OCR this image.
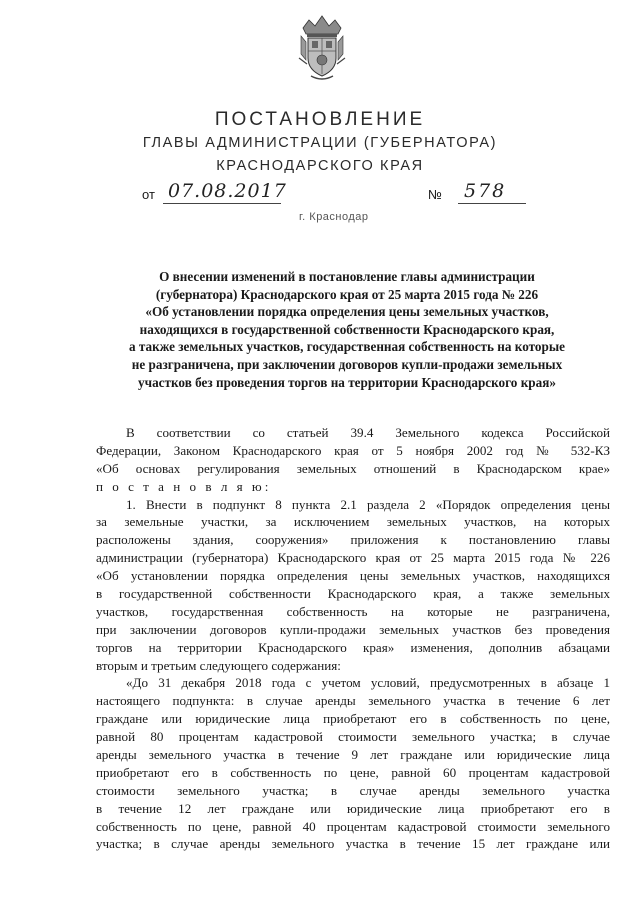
ПОСТАНОВЛЕНИЕ
ГЛАВЫ АДМИНИСТРАЦИИ (ГУБЕРНАТОРА)
КРАСНОДАРСКОГО КРАЯ
от 07.08.2017	№ 578
г. Краснодар
О внесении изменений в постановление главы администрации
(губернатора) Краснодарского края от 25 марта 2015 года № 226
«Об установлении порядка определения цены земельных участков,
находящихся в государственной собственности Краснодарского края,
а также земельных участков, государственная собственность на которые
не разграничена, при заключении договоров купли-продажи земельных
участков без проведения торгов на территории Краснодарского края»
В соответствии со статьей 39.4 Земельного кодекса Российской
Федерации, Законом Краснодарского края от 5 ноября 2002 год № 532-КЗ
«Об основах регулирования земельных отношений в Краснодарском крае»
п о с т а н о в л я ю:
1. Внести в подпункт 8 пункта 2.1 раздела 2 «Порядок определения цены
за земельные участки, за исключением земельных участков, на которых
расположены здания, сооружения» приложения к постановлению главы
администрации (губернатора) Краснодарского края от 25 марта 2015 года № 226
«Об установлении порядка определения цены земельных участков, находящихся
в государственной собственности Краснодарского края, а также земельных
участков, государственная собственность на которые не разграничена,
при заключении договоров купли-продажи земельных участков без проведения
торгов на территории Краснодарского края» изменения, дополнив абзацами
вторым и третьим следующего содержания:
«До 31 декабря 2018 года с учетом условий, предусмотренных в абзаце 1
настоящего подпункта: в случае аренды земельного участка в течение 6 лет
граждане или юридические лица приобретают его в собственность по цене,
равной 80 процентам кадастровой стоимости земельного участка; в случае
аренды земельного участка в течение 9 лет граждане или юридические лица
приобретают его в собственность по цене, равной 60 процентам кадастровой
стоимости земельного участка; в случае аренды земельного участка
в течение 12 лет граждане или юридические лица приобретают его в
собственность по цене, равной 40 процентам кадастровой стоимости земельного
участка; в случае аренды земельного участка в течение 15 лет граждане или
